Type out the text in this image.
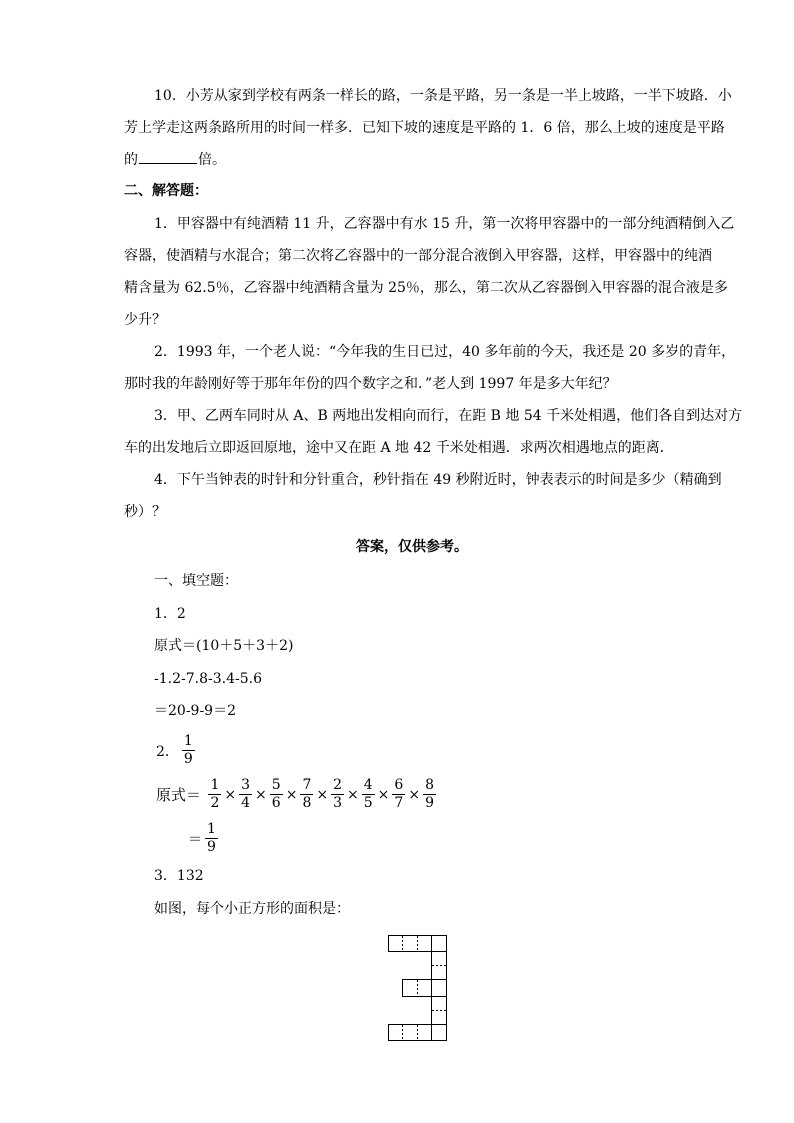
10．小芳从家到学校有两条一样长的路，一条是平路，另一条是一半上坡路，一半下坡路．小
芳上学走这两条路所用的时间一样多．已知下坡的速度是平路的 1．6 倍，那么上坡的速度是平路
的	倍。
二、解答题：
1．甲容器中有纯酒精 11 升，乙容器中有水 15 升，第一次将甲容器中的一部分纯酒精倒入乙
容器，使酒精与水混合；第二次将乙容器中的一部分混合液倒入甲容器，这样，甲容器中的纯酒
精含量为 62.5％，乙容器中纯酒精含量为 25％，那么，第二次从乙容器倒入甲容器的混合液是多
少升？
2．1993 年，一个老人说：“今年我的生日已过，40 多年前的今天，我还是 20 多岁的青年，
那时我的年龄刚好等于那年年份的四个数字之和．”老人到 1997 年是多大年纪？
3．甲、乙两车同时从 A、B 两地出发相向而行，在距 B 地 54 千米处相遇，他们各自到达对方
车的出发地后立即返回原地，途中又在距 A 地 42 千米处相遇．求两次相遇地点的距离．
4．下午当钟表的时针和分针重合，秒针指在 49 秒附近时，钟表表示的时间是多少（精确到
秒）？
答案，仅供参考。
一、填空题：
1．2
原式＝(10＋5＋3＋2)
-1.2-7.8-3.4-5.6
＝20-9-9＝2
2． $\frac{1}{9}$
原式＝ $\frac{1}{2} \times \frac{3}{4} \times \frac{5}{6} \times \frac{7}{8} \times \frac{2}{3} \times \frac{4}{5} \times \frac{6}{7} \times \frac{8}{9}$
＝ $\frac{1}{9}$
3．132
如图，每个小正方形的面积是：
